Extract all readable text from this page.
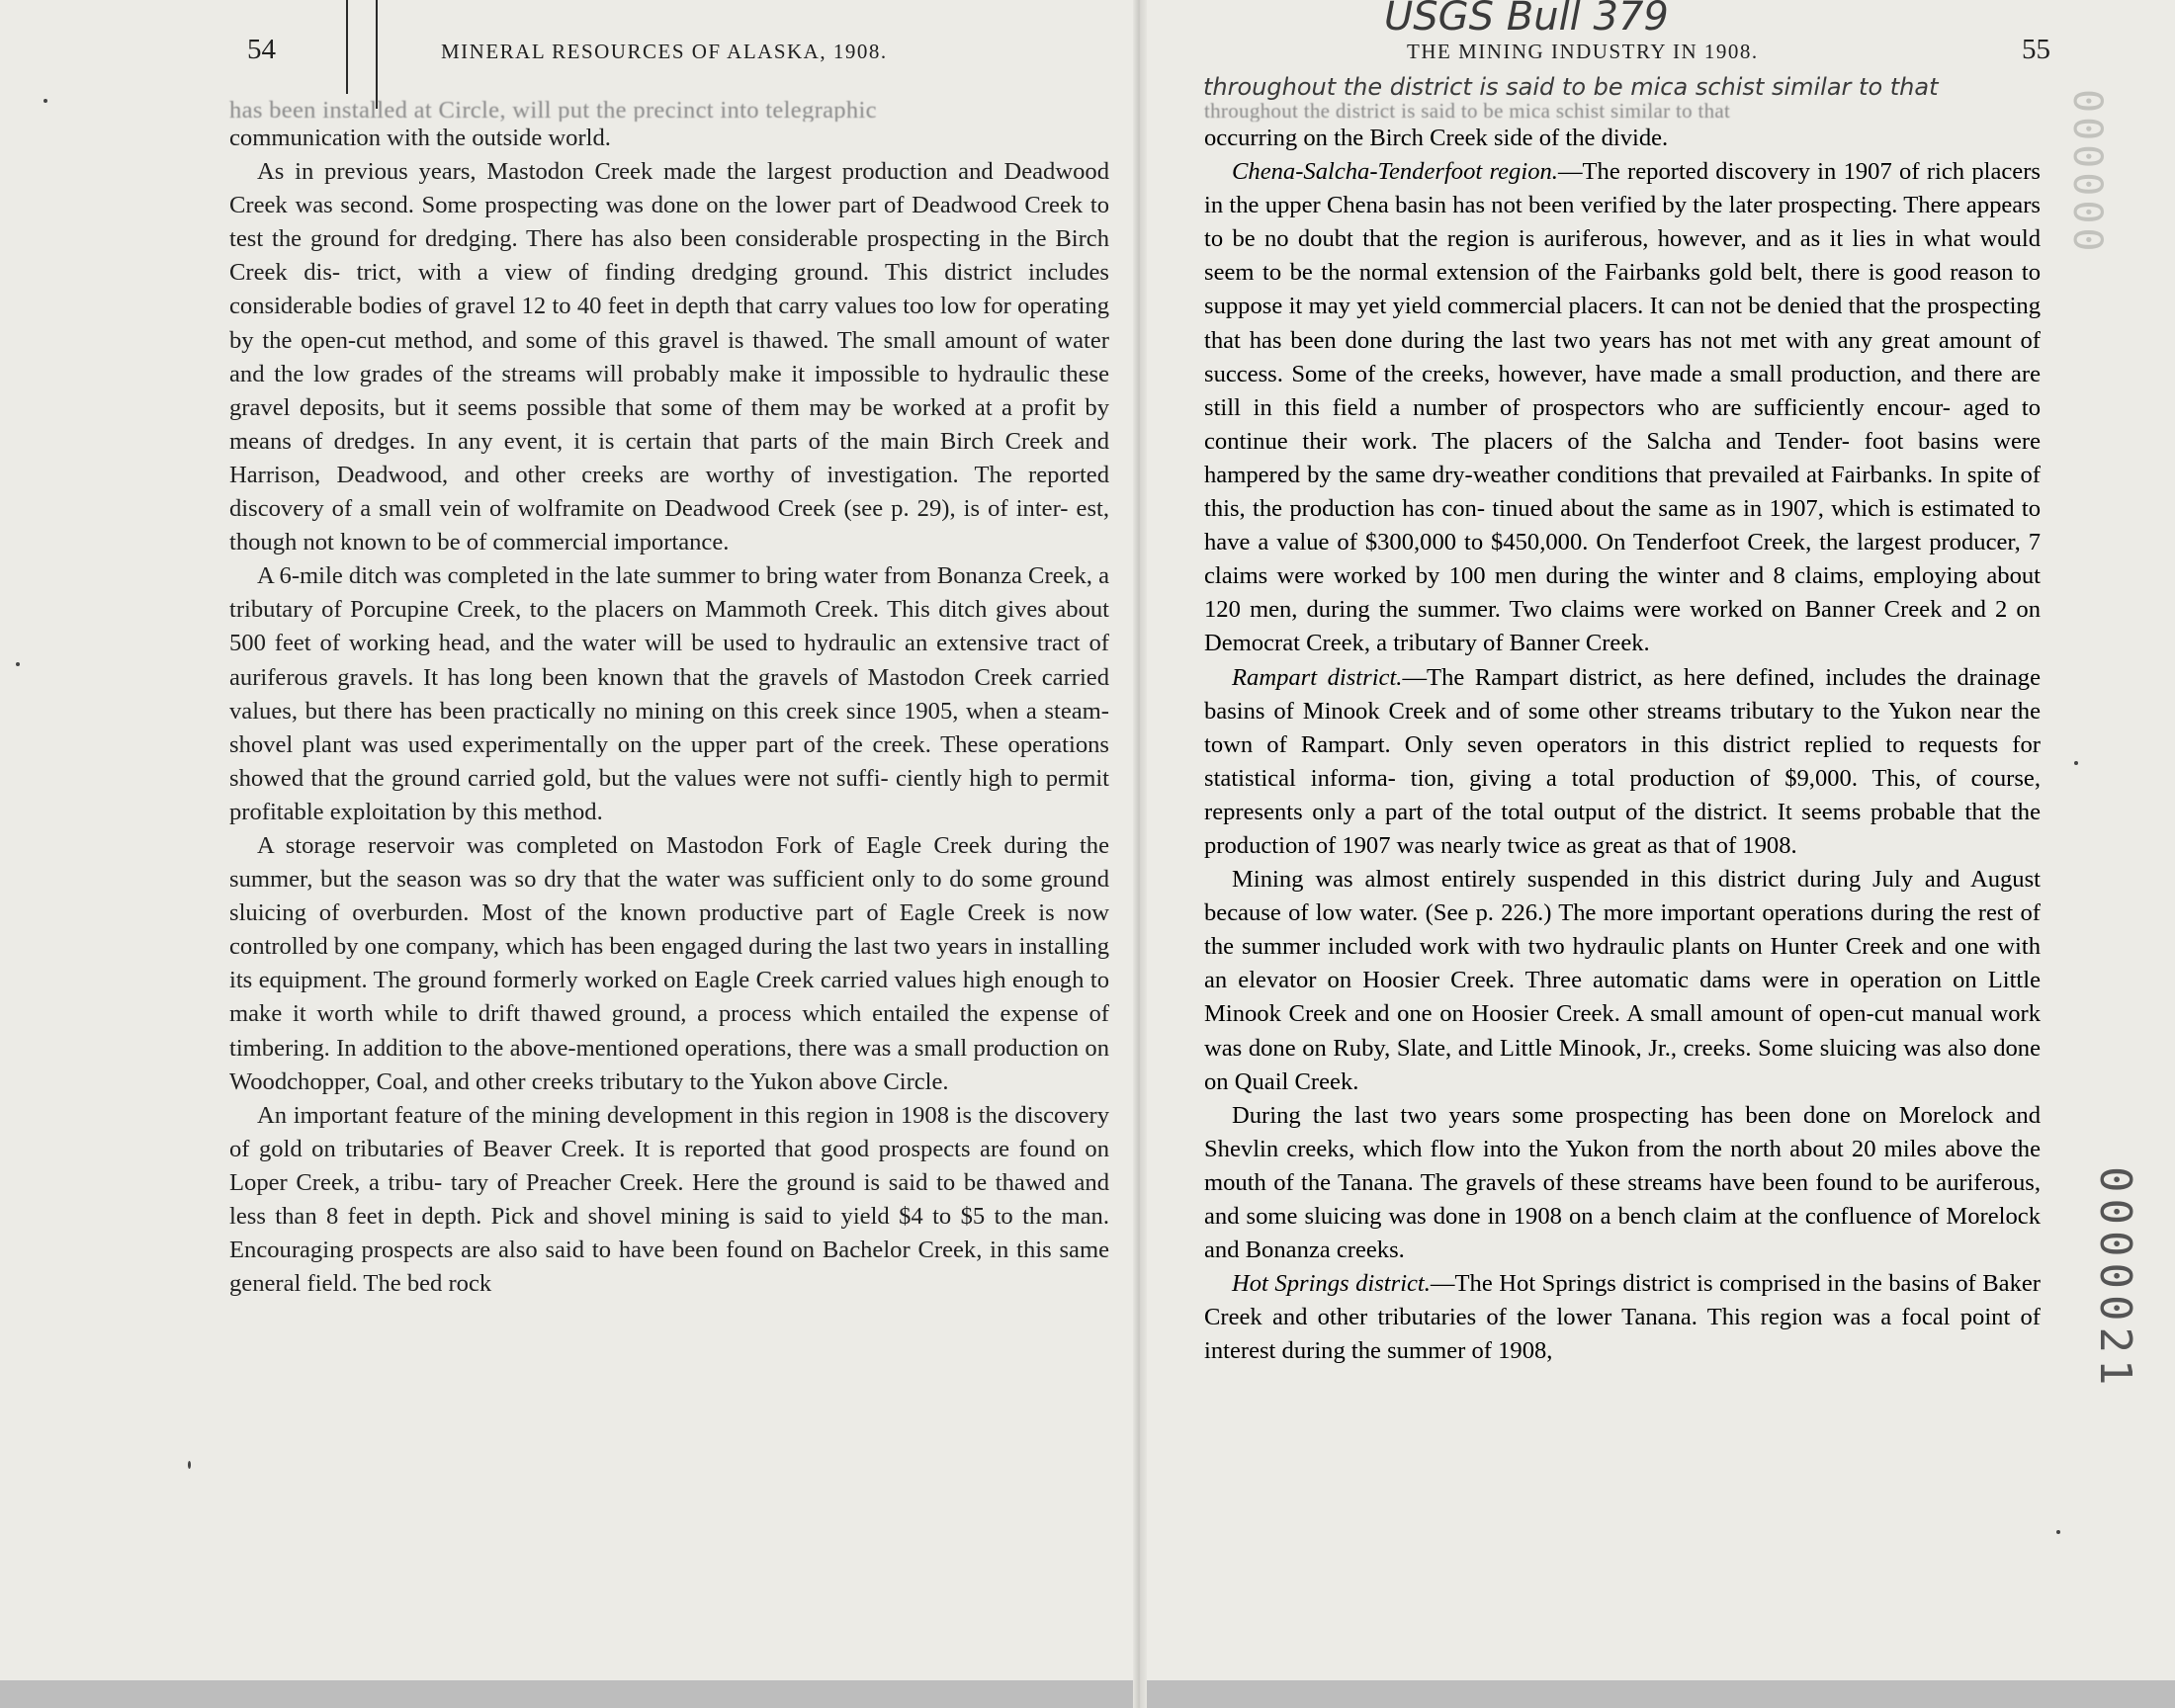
54	MINERAL RESOURCES OF ALASKA, 1908.

has been installed at Circle, will put the precinct into telegraphic

communication with the outside world.

As in previous years, Mastodon Creek made the largest production and Deadwood Creek was second. Some prospecting was done on the lower part of Deadwood Creek to test the ground for dredging. There has also been considerable prospecting in the Birch Creek dis- trict, with a view of finding dredging ground. This district includes considerable bodies of gravel 12 to 40 feet in depth that carry values too low for operating by the open-cut method, and some of this gravel is thawed. The small amount of water and the low grades of the streams will probably make it impossible to hydraulic these gravel deposits, but it seems possible that some of them may be worked at a profit by means of dredges. In any event, it is certain that parts of the main Birch Creek and Harrison, Deadwood, and other creeks are worthy of investigation. The reported discovery of a small vein of wolframite on Deadwood Creek (see p. 29), is of inter- est, though not known to be of commercial importance.

A 6-mile ditch was completed in the late summer to bring water from Bonanza Creek, a tributary of Porcupine Creek, to the placers on Mammoth Creek. This ditch gives about 500 feet of working head, and the water will be used to hydraulic an extensive tract of auriferous gravels. It has long been known that the gravels of Mastodon Creek carried values, but there has been practically no mining on this creek since 1905, when a steam-shovel plant was used experimentally on the upper part of the creek. These operations showed that the ground carried gold, but the values were not suffi- ciently high to permit profitable exploitation by this method.

A storage reservoir was completed on Mastodon Fork of Eagle Creek during the summer, but the season was so dry that the water was sufficient only to do some ground sluicing of overburden. Most of the known productive part of Eagle Creek is now controlled by one company, which has been engaged during the last two years in installing its equipment. The ground formerly worked on Eagle Creek carried values high enough to make it worth while to drift thawed ground, a process which entailed the expense of timbering. In addition to the above-mentioned operations, there was a small production on Woodchopper, Coal, and other creeks tributary to the Yukon above Circle.

An important feature of the mining development in this region in 1908 is the discovery of gold on tributaries of Beaver Creek. It is reported that good prospects are found on Loper Creek, a tribu- tary of Preacher Creek. Here the ground is said to be thawed and less than 8 feet in depth. Pick and shovel mining is said to yield $4 to $5 to the man. Encouraging prospects are also said to have been found on Bachelor Creek, in this same general field. The bed rock

USGS Bull 379
THE MINING INDUSTRY IN 1908.	55
throughout the district is said to be mica schist similar to that

throughout the district is said to be mica schist similar to that

occurring on the Birch Creek side of the divide.

Chena-Salcha-Tenderfoot region.—The reported discovery in 1907 of rich placers in the upper Chena basin has not been verified by the later prospecting. There appears to be no doubt that the region is auriferous, however, and as it lies in what would seem to be the normal extension of the Fairbanks gold belt, there is good reason to suppose it may yet yield commercial placers. It can not be denied that the prospecting that has been done during the last two years has not met with any great amount of success. Some of the creeks, however, have made a small production, and there are still in this field a number of prospectors who are sufficiently encour- aged to continue their work. The placers of the Salcha and Tender- foot basins were hampered by the same dry-weather conditions that prevailed at Fairbanks. In spite of this, the production has con- tinued about the same as in 1907, which is estimated to have a value of $300,000 to $450,000. On Tenderfoot Creek, the largest producer, 7 claims were worked by 100 men during the winter and 8 claims, employing about 120 men, during the summer. Two claims were worked on Banner Creek and 2 on Democrat Creek, a tributary of Banner Creek.

Rampart district.—The Rampart district, as here defined, includes the drainage basins of Minook Creek and of some other streams tributary to the Yukon near the town of Rampart. Only seven operators in this district replied to requests for statistical informa- tion, giving a total production of $9,000. This, of course, represents only a part of the total output of the district. It seems probable that the production of 1907 was nearly twice as great as that of 1908.

Mining was almost entirely suspended in this district during July and August because of low water. (See p. 226.) The more important operations during the rest of the summer included work with two hydraulic plants on Hunter Creek and one with an elevator on Hoosier Creek. Three automatic dams were in operation on Little Minook Creek and one on Hoosier Creek. A small amount of open-cut manual work was done on Ruby, Slate, and Little Minook, Jr., creeks. Some sluicing was also done on Quail Creek.

During the last two years some prospecting has been done on Morelock and Shevlin creeks, which flow into the Yukon from the north about 20 miles above the mouth of the Tanana. The gravels of these streams have been found to be auriferous, and some sluicing was done in 1908 on a bench claim at the confluence of Morelock and Bonanza creeks.

Hot Springs district.—The Hot Springs district is comprised in the basins of Baker Creek and other tributaries of the lower Tanana. This region was a focal point of interest during the summer of 1908,

000000
0000021
